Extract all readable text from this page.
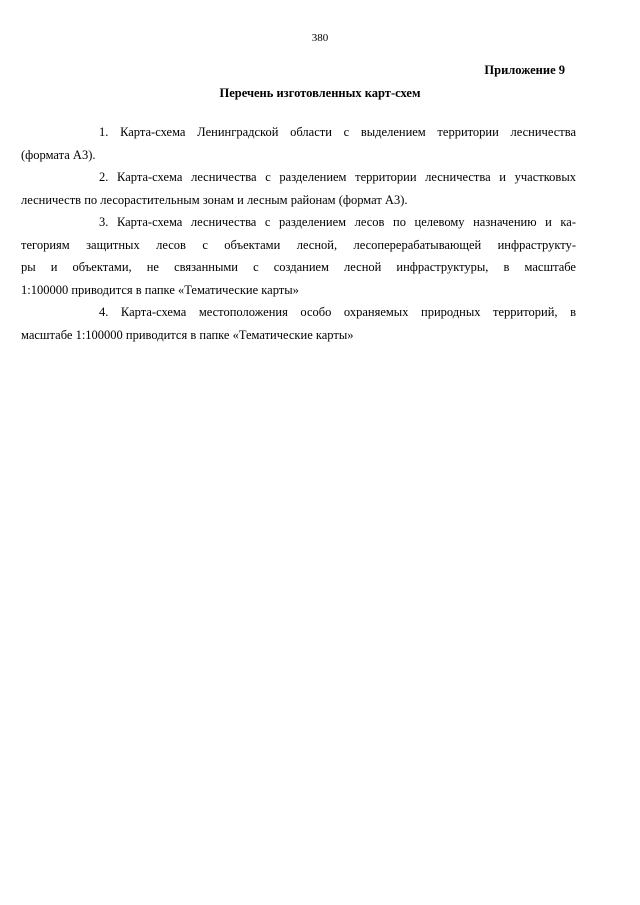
380
Приложение 9
Перечень изготовленных карт-схем

1. Карта-схема Ленинградской области с выделением территории лесничества
(формата А3).

2. Карта-схема лесничества с разделением территории лесничества и участковых
лесничеств по лесорастительным зонам и лесным районам (формат А3).

3. Карта-схема лесничества с разделением лесов по целевому назначению и ка-
тегориям защитных лесов с объектами лесной, лесоперерабатывающей инфраструкту-
ры и объектами, не связанными с созданием лесной инфраструктуры, в масштабе
1:100000 приводится в папке «Тематические карты»

4. Карта-схема местоположения особо охраняемых природных территорий, в
масштабе 1:100000 приводится в папке «Тематические карты»
